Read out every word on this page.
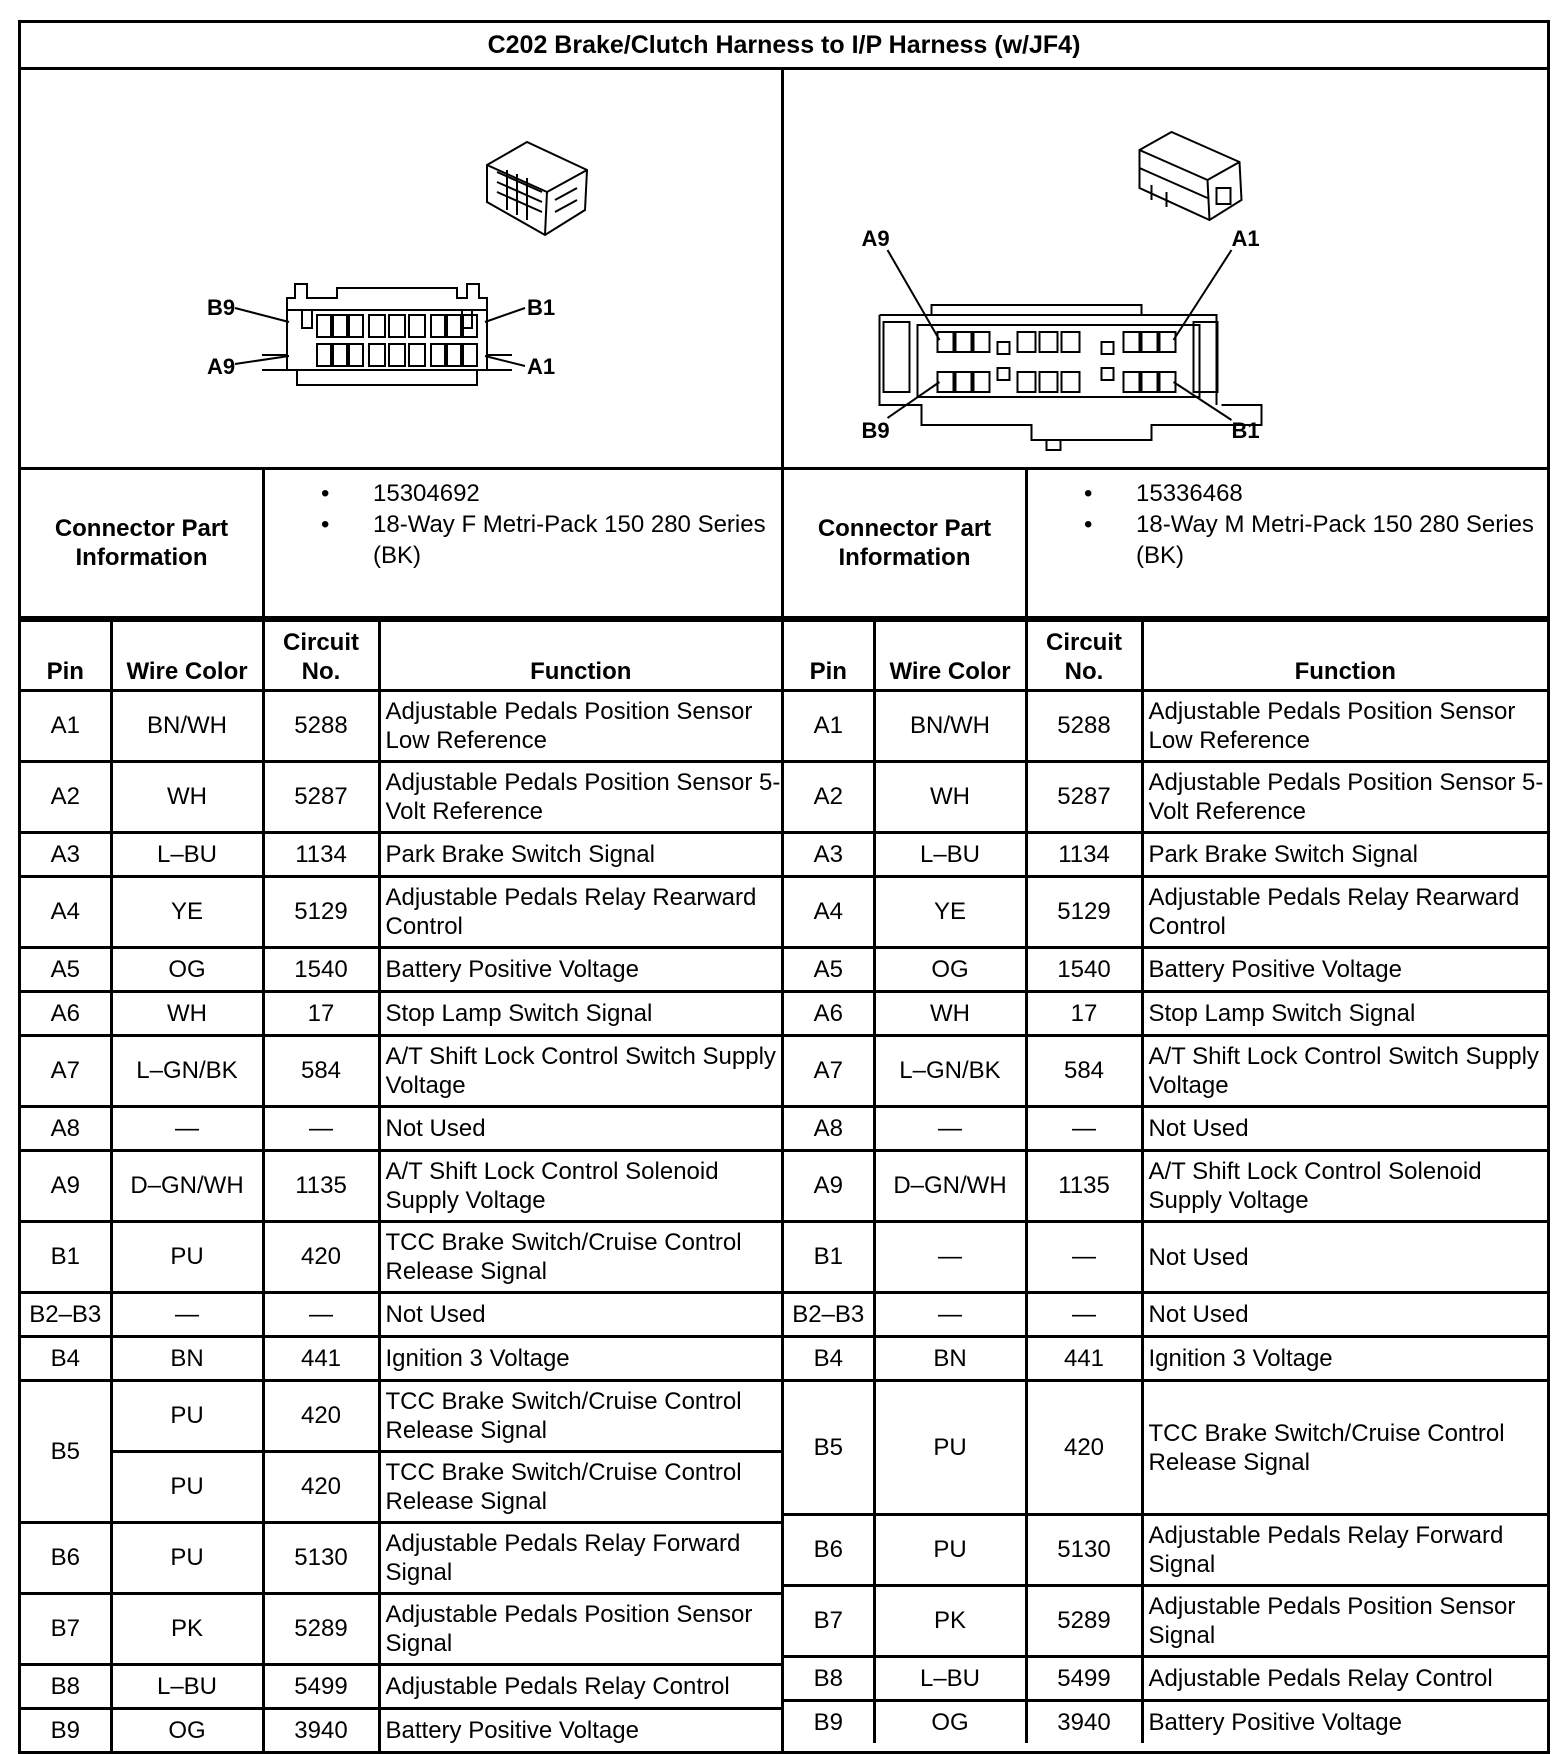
C202 Brake/Clutch Harness to I/P Harness (w/JF4)
B9	B1
A9	A1
A9	A1
B9	B1
Connector Part Information
• 15304692
• 18-Way F Metri-Pack 150 280 Series (BK)
Connector Part Information
• 15336468
• 18-Way M Metri-Pack 150 280 Series (BK)
Pin	Wire Color	Circuit No.	Function
A1	BN/WH	5288	Adjustable Pedals Position Sensor Low Reference
A2	WH	5287	Adjustable Pedals Position Sensor 5-Volt Reference
A3	L–BU	1134	Park Brake Switch Signal
A4	YE	5129	Adjustable Pedals Relay Rearward Control
A5	OG	1540	Battery Positive Voltage
A6	WH	17	Stop Lamp Switch Signal
A7	L–GN/BK	584	A/T Shift Lock Control Switch Supply Voltage
A8	—	—	Not Used
A9	D–GN/WH	1135	A/T Shift Lock Control Solenoid Supply Voltage
B1	PU	420	TCC Brake Switch/Cruise Control Release Signal
B2–B3	—	—	Not Used
B4	BN	441	Ignition 3 Voltage
B5	PU	420	TCC Brake Switch/Cruise Control Release Signal
	PU	420	TCC Brake Switch/Cruise Control Release Signal
B6	PU	5130	Adjustable Pedals Relay Forward Signal
B7	PK	5289	Adjustable Pedals Position Sensor Signal
B8	L–BU	5499	Adjustable Pedals Relay Control
B9	OG	3940	Battery Positive Voltage
Pin	Wire Color	Circuit No.	Function
A1	BN/WH	5288	Adjustable Pedals Position Sensor Low Reference
A2	WH	5287	Adjustable Pedals Position Sensor 5-Volt Reference
A3	L–BU	1134	Park Brake Switch Signal
A4	YE	5129	Adjustable Pedals Relay Rearward Control
A5	OG	1540	Battery Positive Voltage
A6	WH	17	Stop Lamp Switch Signal
A7	L–GN/BK	584	A/T Shift Lock Control Switch Supply Voltage
A8	—	—	Not Used
A9	D–GN/WH	1135	A/T Shift Lock Control Solenoid Supply Voltage
B1	—	—	Not Used
B2–B3	—	—	Not Used
B4	BN	441	Ignition 3 Voltage
B5	PU	420	TCC Brake Switch/Cruise Control Release Signal
B6	PU	5130	Adjustable Pedals Relay Forward Signal
B7	PK	5289	Adjustable Pedals Position Sensor Signal
B8	L–BU	5499	Adjustable Pedals Relay Control
B9	OG	3940	Battery Positive Voltage
